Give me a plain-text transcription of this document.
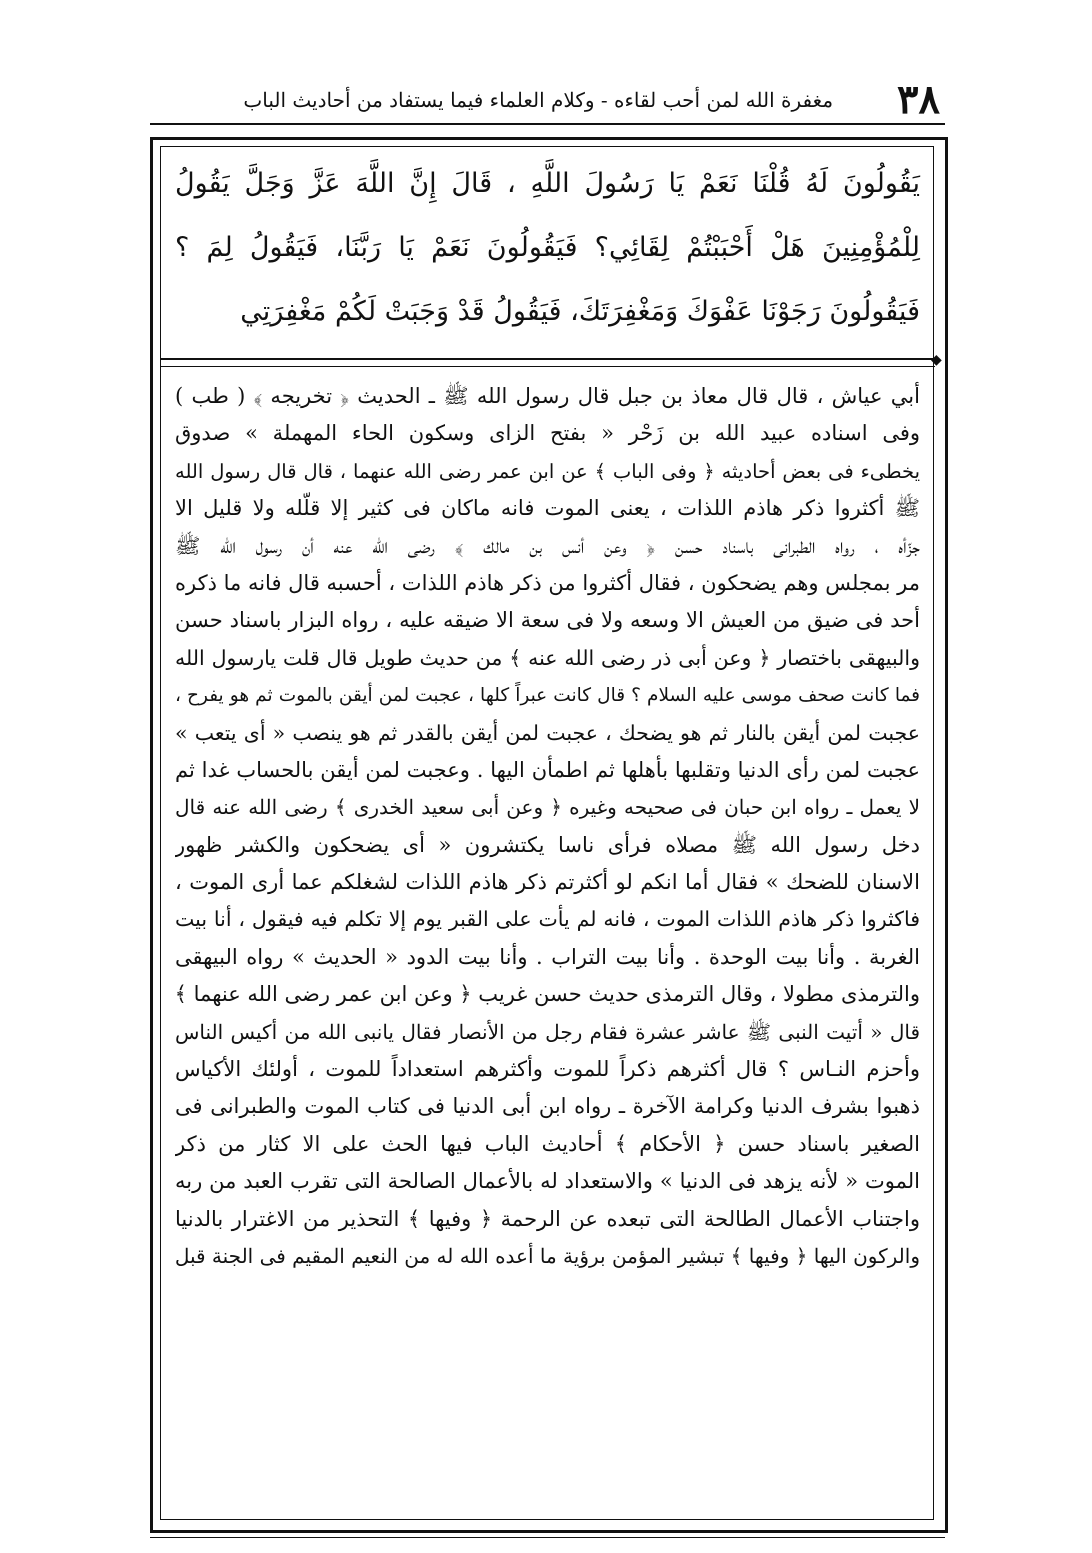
٣٨
مغفرة الله لمن أحب لقاءه - وكلام العلماء فيما يستفاد من أحاديث الباب
يَقُولُونَ لَهُ قُلْنَا نَعَمْ يَا رَسُولَ اللَّهِ ، قَالَ إِنَّ اللَّهَ عَزَّ وَجَلَّ يَقُولُ لِلْمُؤْمِنِينَ هَلْ أَحْبَبْتُمْ لِقَائِي؟ فَيَقُولُونَ نَعَمْ يَا رَبَّنَا، فَيَقُولُ لِمَ ؟ فَيَقُولُونَ رَجَوْنَا عَفْوَكَ وَمَغْفِرَتَكَ، فَيَقُولُ قَدْ وَجَبَتْ لَكُمْ مَغْفِرَتِي
◆
أبي عياش ، قال قال معاذ بن جبل قال رسول الله ﷺ ـ الحديث ﴿ تخريجه ﴾ ( طب )
وفى اسناده عبيد الله بن زَحْر « بفتح الزاى وسكون الحاء المهملة » صدوق
يخطىء فى بعض أحاديثه ﴿ وفى الباب ﴾ عن ابن عمر رضى الله عنهما ، قال قال رسول الله
ﷺ أكثروا ذكر هاذم اللذات ، يعنى الموت فانه ماكان فى كثير إلا قلّله ولا قليل الا
جزّأه ، رواه الطبرانى باسناد حسن ﴿ وعن أنس بن مالك ﴾ رضى الله عنه أن رسول الله ﷺ
مر بمجلس وهم يضحكون ، فقال أكثروا من ذكر هاذم اللذات ، أحسبه قال فانه ما ذكره
أحد فى ضيق من العيش الا وسعه ولا فى سعة الا ضيقه عليه ، رواه البزار باسناد حسن
والبيهقى باختصار ﴿ وعن أبى ذر رضى الله عنه ﴾ من حديث طويل قال قلت يارسول الله
فما كانت صحف موسى عليه السلام ؟ قال كانت عبراً كلها ، عجبت لمن أيقن بالموت ثم هو يفرح ،
عجبت لمن أيقن بالنار ثم هو يضحك ، عجبت لمن أيقن بالقدر ثم هو ينصب « أى يتعب »
عجبت لمن رأى الدنيا وتقلبها بأهلها ثم اطمأن اليها . وعجبت لمن أيقن بالحساب غدا ثم
لا يعمل ـ رواه ابن حبان فى صحيحه وغيره ﴿ وعن أبى سعيد الخدرى ﴾ رضى الله عنه قال
دخل رسول الله ﷺ مصلاه فرأى ناسا يكتشرون « أى يضحكون والكشر ظهور
الاسنان للضحك » فقال أما انكم لو أكثرتم ذكر هاذم اللذات لشغلكم عما أرى الموت ،
فاكثروا ذكر هاذم اللذات الموت ، فانه لم يأت على القبر يوم إلا تكلم فيه فيقول ، أنا بيت
الغربة . وأنا بيت الوحدة . وأنا بيت التراب . وأنا بيت الدود « الحديث » رواه البيهقى
والترمذى مطولا ، وقال الترمذى حديث حسن غريب ﴿ وعن ابن عمر رضى الله عنهما ﴾
قال « أتيت النبى ﷺ عاشر عشرة فقام رجل من الأنصار فقال يانبى الله من أكيس الناس
وأحزم النـاس ؟ قال أكثرهم ذكراً للموت وأكثرهم استعداداً للموت ، أولئك الأكياس
ذهبوا بشرف الدنيا وكرامة الآخرة ـ رواه ابن أبى الدنيا فى كتاب الموت والطبرانى فى
الصغير باسناد حسن ﴿ الأحكام ﴾ أحاديث الباب فيها الحث على الا كثار من ذكر
الموت « لأنه يزهد فى الدنيا » والاستعداد له بالأعمال الصالحة التى تقرب العبد من ربه
واجتناب الأعمال الطالحة التى تبعده عن الرحمة ﴿ وفيها ﴾ التحذير من الاغترار بالدنيا
والركون اليها ﴿ وفيها ﴾ تبشير المؤمن برؤية ما أعده الله له من النعيم المقيم فى الجنة قبل
